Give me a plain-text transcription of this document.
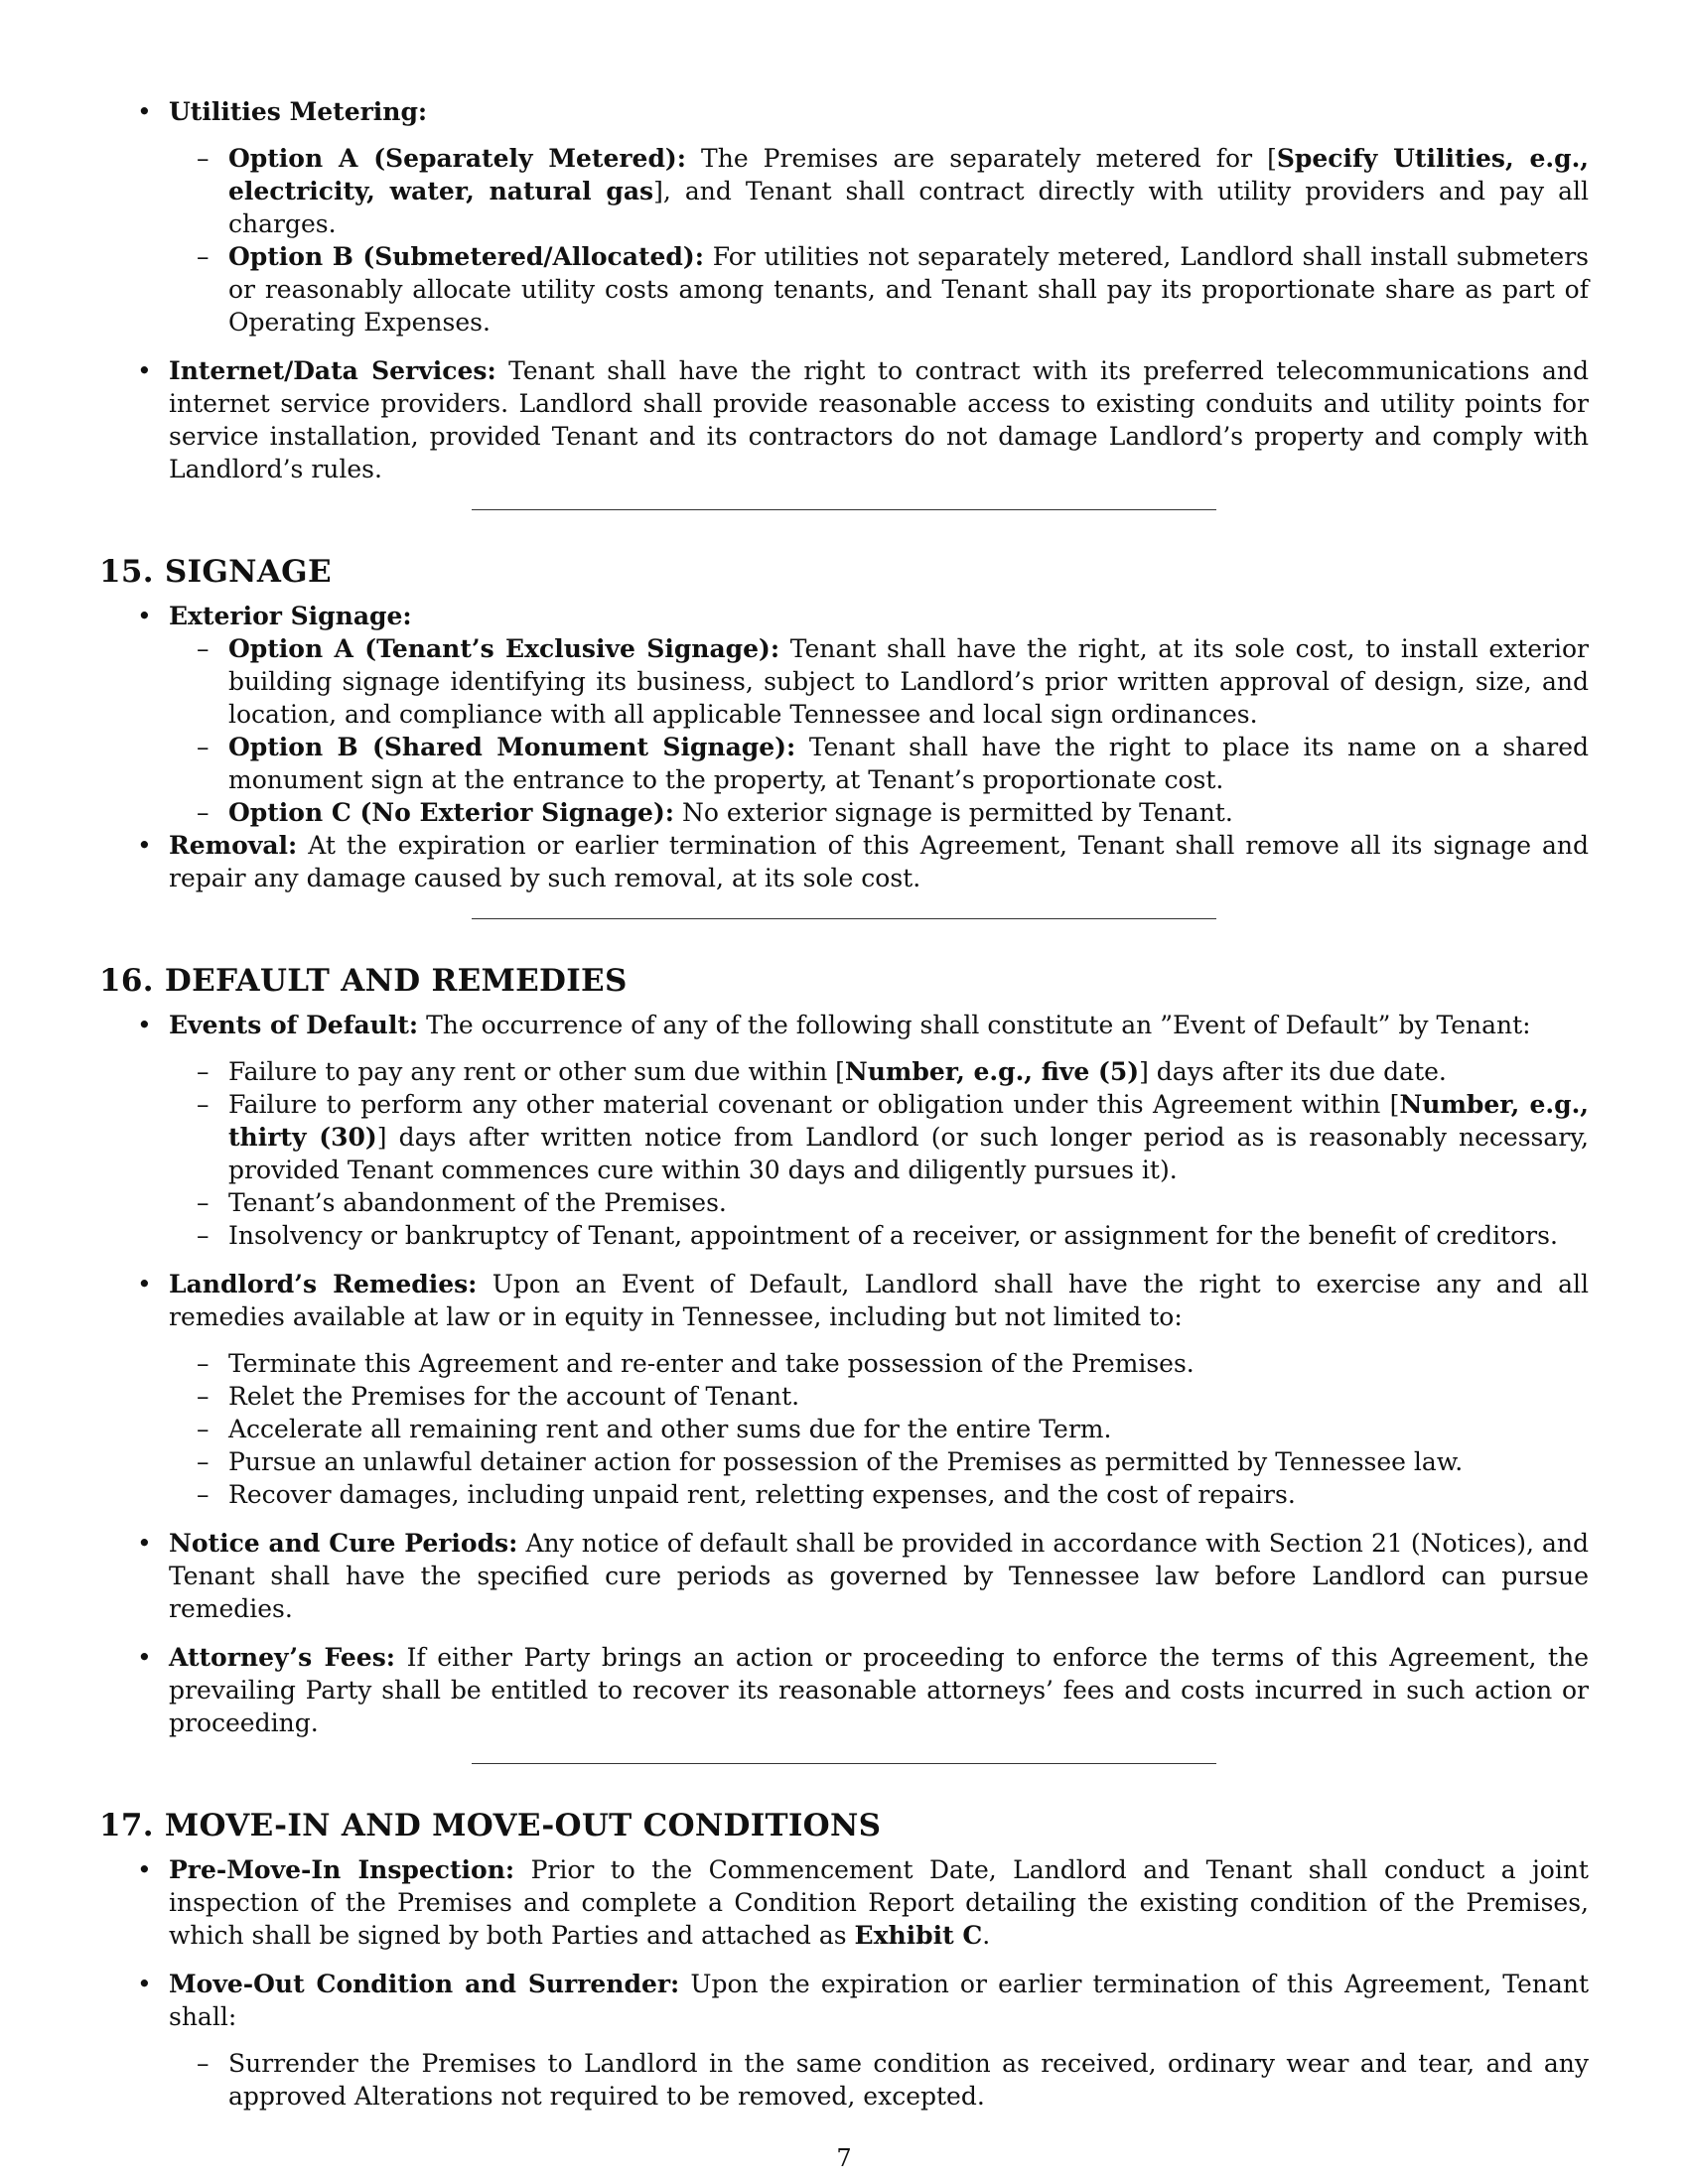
• Utilities Metering:
– Option A (Separately Metered): The Premises are separately metered for [Specify Utilities, e.g., electricity, water, natural gas], and Tenant shall contract directly with utility providers and pay all charges.
– Option B (Submetered/Allocated): For utilities not separately metered, Landlord shall install submeters or reasonably allocate utility costs among tenants, and Tenant shall pay its proportionate share as part of Operating Expenses.
• Internet/Data Services: Tenant shall have the right to contract with its preferred telecommunications and internet service providers. Landlord shall provide reasonable access to existing conduits and utility points for service installation, provided Tenant and its contractors do not damage Landlord’s property and comply with Landlord’s rules.
15. SIGNAGE
• Exterior Signage:
– Option A (Tenant’s Exclusive Signage): Tenant shall have the right, at its sole cost, to install exterior building signage identifying its business, subject to Landlord’s prior written approval of design, size, and location, and compliance with all applicable Tennessee and local sign ordinances.
– Option B (Shared Monument Signage): Tenant shall have the right to place its name on a shared monument sign at the entrance to the property, at Tenant’s proportionate cost.
– Option C (No Exterior Signage): No exterior signage is permitted by Tenant.
• Removal: At the expiration or earlier termination of this Agreement, Tenant shall remove all its signage and repair any damage caused by such removal, at its sole cost.
16. DEFAULT AND REMEDIES
• Events of Default: The occurrence of any of the following shall constitute an ”Event of Default” by Tenant:
– Failure to pay any rent or other sum due within [Number, e.g., five (5)] days after its due date.
– Failure to perform any other material covenant or obligation under this Agreement within [Number, e.g., thirty (30)] days after written notice from Landlord (or such longer period as is reasonably necessary, provided Tenant commences cure within 30 days and diligently pursues it).
– Tenant’s abandonment of the Premises.
– Insolvency or bankruptcy of Tenant, appointment of a receiver, or assignment for the benefit of creditors.
• Landlord’s Remedies: Upon an Event of Default, Landlord shall have the right to exercise any and all remedies available at law or in equity in Tennessee, including but not limited to:
– Terminate this Agreement and re-enter and take possession of the Premises.
– Relet the Premises for the account of Tenant.
– Accelerate all remaining rent and other sums due for the entire Term.
– Pursue an unlawful detainer action for possession of the Premises as permitted by Tennessee law.
– Recover damages, including unpaid rent, reletting expenses, and the cost of repairs.
• Notice and Cure Periods: Any notice of default shall be provided in accordance with Section 21 (Notices), and Tenant shall have the specified cure periods as governed by Tennessee law before Landlord can pursue remedies.
• Attorney’s Fees: If either Party brings an action or proceeding to enforce the terms of this Agreement, the prevailing Party shall be entitled to recover its reasonable attorneys’ fees and costs incurred in such action or proceeding.
17. MOVE-IN AND MOVE-OUT CONDITIONS
• Pre-Move-In Inspection: Prior to the Commencement Date, Landlord and Tenant shall conduct a joint inspection of the Premises and complete a Condition Report detailing the existing condition of the Premises, which shall be signed by both Parties and attached as Exhibit C.
• Move-Out Condition and Surrender: Upon the expiration or earlier termination of this Agreement, Tenant shall:
– Surrender the Premises to Landlord in the same condition as received, ordinary wear and tear, and any approved Alterations not required to be removed, excepted.
7
